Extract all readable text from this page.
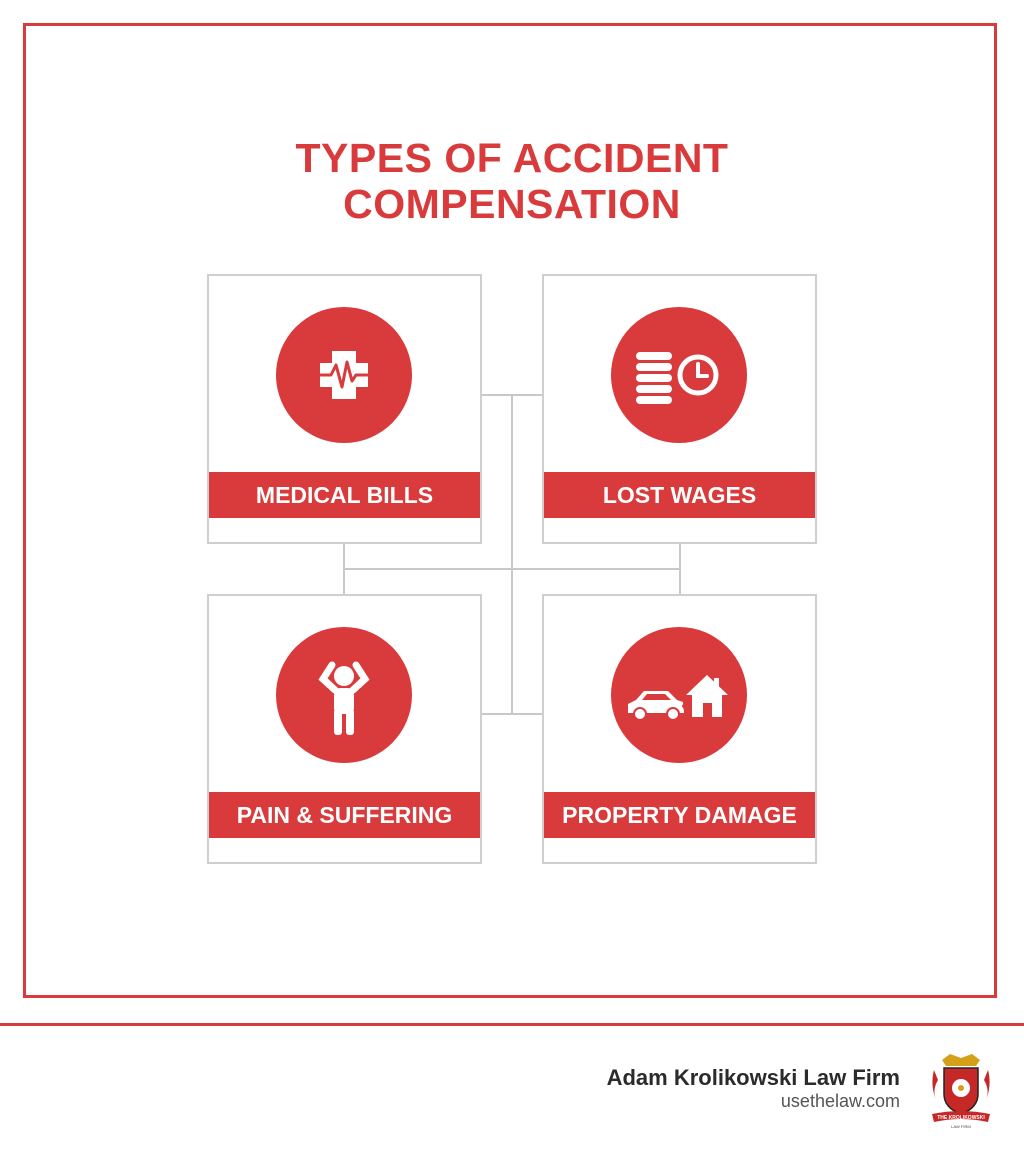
TYPES OF ACCIDENT
COMPENSATION
MEDICAL BILLS	LOST WAGES
PAIN & SUFFERING	PROPERTY DAMAGE
Adam Krolikowski Law Firm
usethelaw.com
THE KROLIKOWSKI
LAW FIRM
